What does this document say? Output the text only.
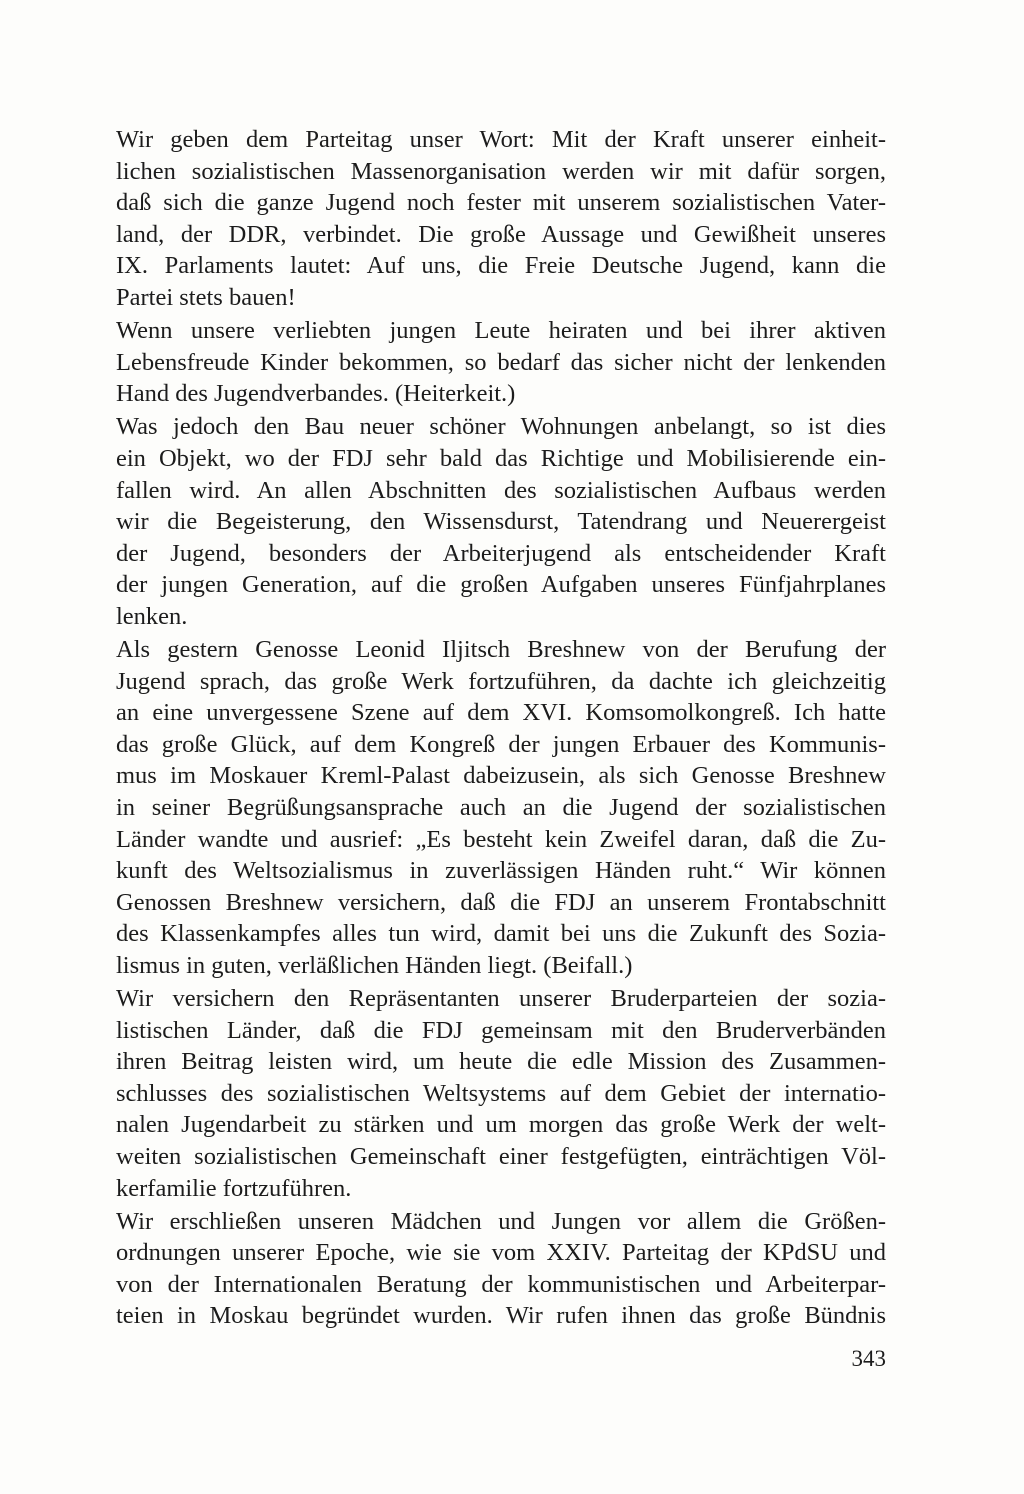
Wir geben dem Parteitag unser Wort: Mit der Kraft unserer einheit-
lichen sozialistischen Massenorganisation werden wir mit dafür sorgen,
daß sich die ganze Jugend noch fester mit unserem sozialistischen Vater-
land, der DDR, verbindet. Die große Aussage und Gewißheit unseres
IX. Parlaments lautet: Auf uns, die Freie Deutsche Jugend, kann die
Partei stets bauen!
Wenn unsere verliebten jungen Leute heiraten und bei ihrer aktiven
Lebensfreude Kinder bekommen, so bedarf das sicher nicht der lenkenden
Hand des Jugendverbandes. (Heiterkeit.)
Was jedoch den Bau neuer schöner Wohnungen anbelangt, so ist dies
ein Objekt, wo der FDJ sehr bald das Richtige und Mobilisierende ein-
fallen wird. An allen Abschnitten des sozialistischen Aufbaus werden
wir die Begeisterung, den Wissensdurst, Tatendrang und Neuerergeist
der Jugend, besonders der Arbeiterjugend als entscheidender Kraft
der jungen Generation, auf die großen Aufgaben unseres Fünfjahrplanes
lenken.
Als gestern Genosse Leonid Iljitsch Breshnew von der Berufung der
Jugend sprach, das große Werk fortzuführen, da dachte ich gleichzeitig
an eine unvergessene Szene auf dem XVI. Komsomolkongreß. Ich hatte
das große Glück, auf dem Kongreß der jungen Erbauer des Kommunis-
mus im Moskauer Kreml-Palast dabeizusein, als sich Genosse Breshnew
in seiner Begrüßungsansprache auch an die Jugend der sozialistischen
Länder wandte und ausrief: „Es besteht kein Zweifel daran, daß die Zu-
kunft des Weltsozialismus in zuverlässigen Händen ruht.“ Wir können
Genossen Breshnew versichern, daß die FDJ an unserem Frontabschnitt
des Klassenkampfes alles tun wird, damit bei uns die Zukunft des Sozia-
lismus in guten, verläßlichen Händen liegt. (Beifall.)
Wir versichern den Repräsentanten unserer Bruderparteien der sozia-
listischen Länder, daß die FDJ gemeinsam mit den Bruderverbänden
ihren Beitrag leisten wird, um heute die edle Mission des Zusammen-
schlusses des sozialistischen Weltsystems auf dem Gebiet der internatio-
nalen Jugendarbeit zu stärken und um morgen das große Werk der welt-
weiten sozialistischen Gemeinschaft einer festgefügten, einträchtigen Völ-
kerfamilie fortzuführen.
Wir erschließen unseren Mädchen und Jungen vor allem die Größen-
ordnungen unserer Epoche, wie sie vom XXIV. Parteitag der KPdSU und
von der Internationalen Beratung der kommunistischen und Arbeiterpar-
teien in Moskau begründet wurden. Wir rufen ihnen das große Bündnis
343
